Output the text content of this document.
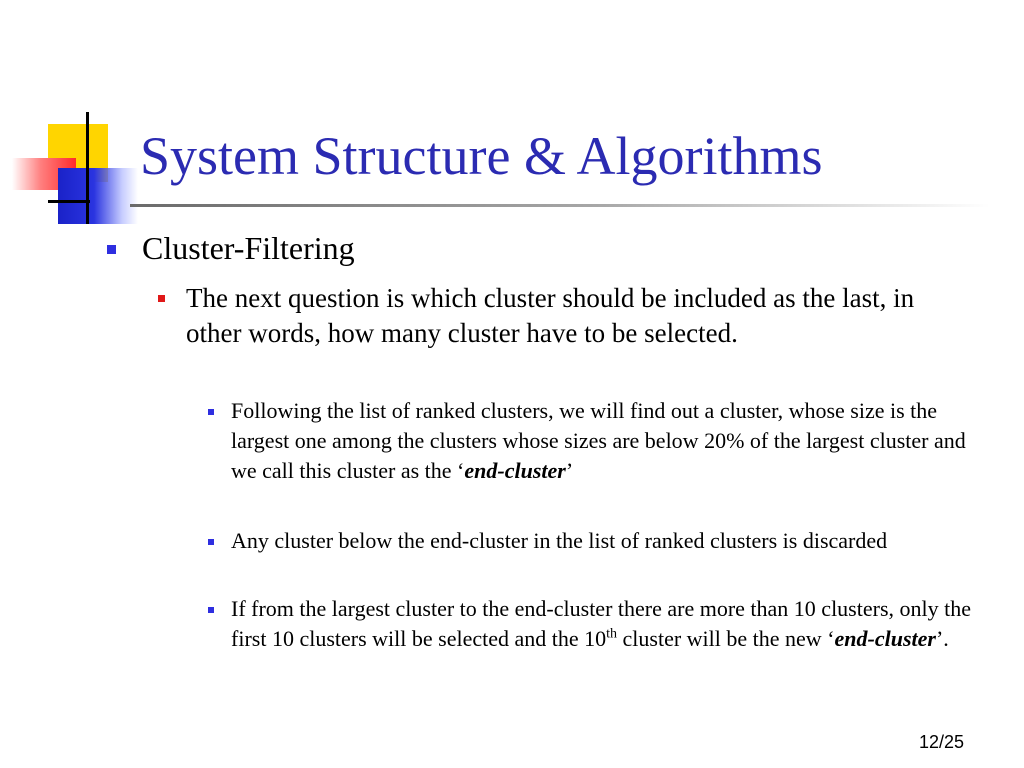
System Structure & Algorithms
Cluster-Filtering
The next question is which cluster should be included as the last, in other words, how many cluster have to be selected.
Following the list of ranked clusters, we will find out a cluster, whose size is the largest one among the clusters whose sizes are below 20% of the largest cluster and we call this cluster as the ‘end-cluster’
Any cluster below the end-cluster in the list of ranked clusters is discarded
If from the largest cluster to the end-cluster there are more than 10 clusters, only the first 10 clusters will be selected and the 10th cluster will be the new ‘end-cluster’.
12/25
